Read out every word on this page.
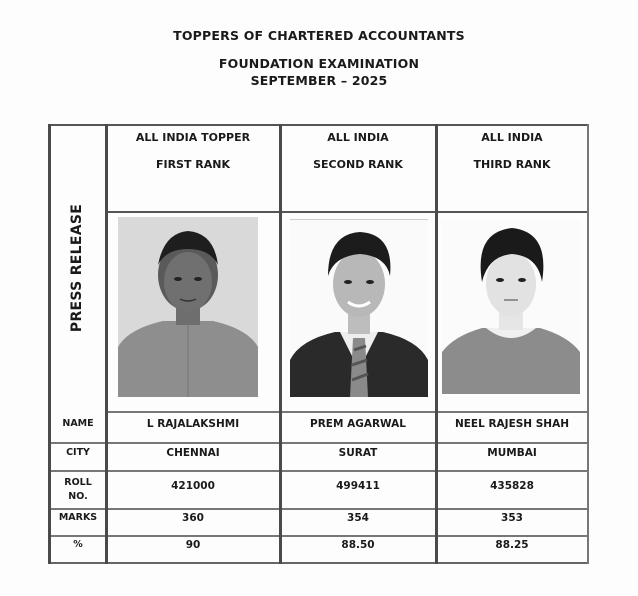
TOPPERS OF CHARTERED ACCOUNTANTS
FOUNDATION EXAMINATION
SEPTEMBER – 2025
PRESS RELEASE
ALL INDIA TOPPER
FIRST RANK
ALL INDIA
SECOND RANK
ALL INDIA
THIRD RANK
NAME
CITY
ROLL
NO.
MARKS
%
L RAJALAKSHMI
CHENNAI
421000
360
90
PREM AGARWAL
SURAT
499411
354
88.50
NEEL RAJESH SHAH
MUMBAI
435828
353
88.25
